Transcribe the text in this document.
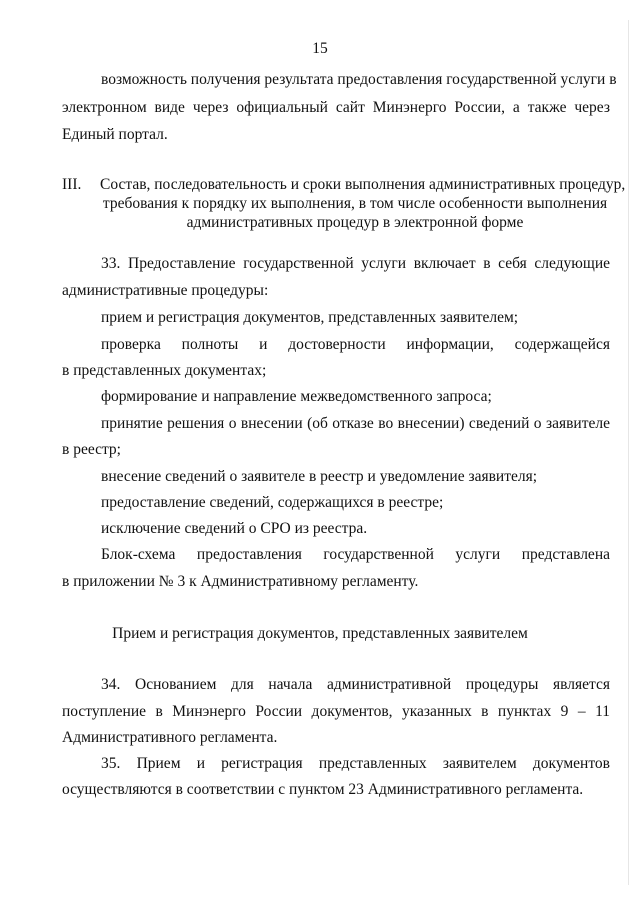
15
возможность получения результата предоставления государственной услуги в
электронном виде через официальный сайт Минэнерго России, а также через
Единый портал.
III. Состав, последовательность и сроки выполнения административных процедур,
требования к порядку их выполнения, в том числе особенности выполнения
административных процедур в электронной форме
33. Предоставление государственной услуги включает в себя следующие
административные процедуры:
прием и регистрация документов, представленных заявителем;
проверка полноты и достоверности информации, содержащейся
в представленных документах;
формирование и направление межведомственного запроса;
принятие решения о внесении (об отказе во внесении) сведений о заявителе
в реестр;
внесение сведений о заявителе в реестр и уведомление заявителя;
предоставление сведений, содержащихся в реестре;
исключение сведений о СРО из реестра.
Блок-схема предоставления государственной услуги представлена
в приложении № 3 к Административному регламенту.
Прием и регистрация документов, представленных заявителем
34. Основанием для начала административной процедуры является
поступление в Минэнерго России документов, указанных в пунктах 9 – 11
Административного регламента.
35. Прием и регистрация представленных заявителем документов
осуществляются в соответствии с пунктом 23 Административного регламента.
